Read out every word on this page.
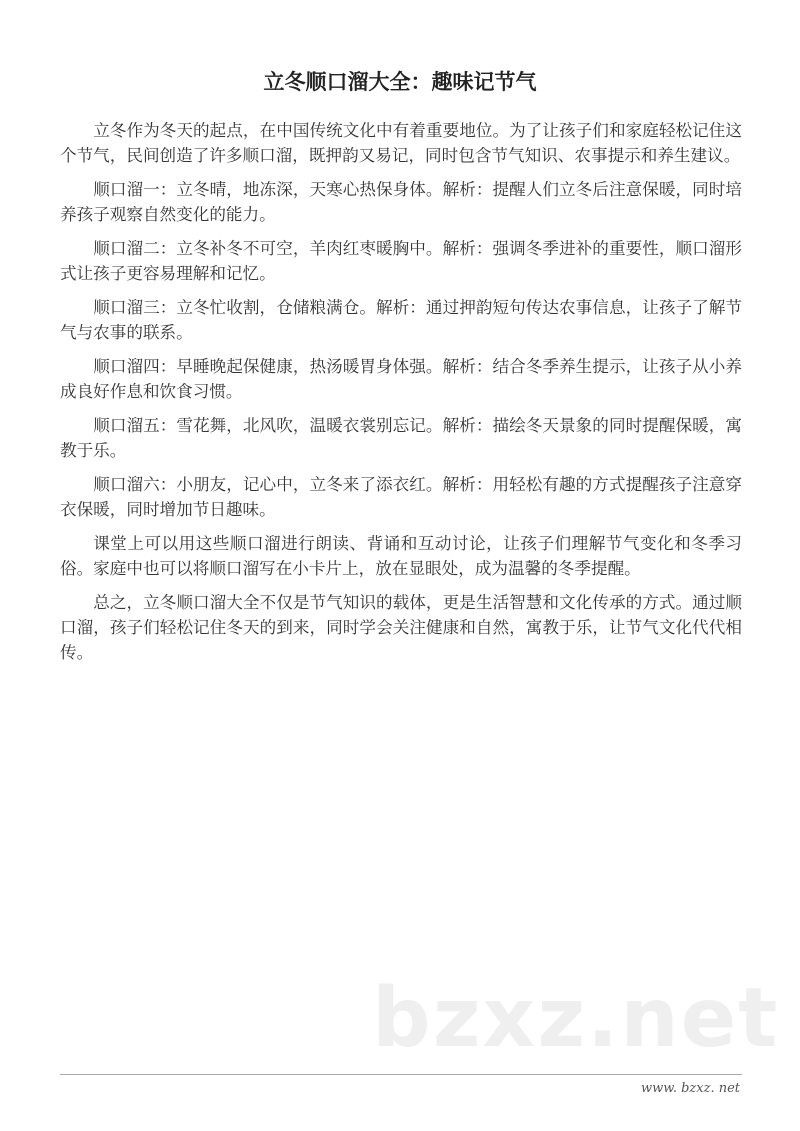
立冬顺口溜大全：趣味记节气

立冬作为冬天的起点，在中国传统文化中有着重要地位。为了让孩子们和家庭轻松记住这个节气，民间创造了许多顺口溜，既押韵又易记，同时包含节气知识、农事提示和养生建议。

顺口溜一：立冬晴，地冻深，天寒心热保身体。解析：提醒人们立冬后注意保暖，同时培养孩子观察自然变化的能力。

顺口溜二：立冬补冬不可空，羊肉红枣暖胸中。解析：强调冬季进补的重要性，顺口溜形式让孩子更容易理解和记忆。

顺口溜三：立冬忙收割，仓储粮满仓。解析：通过押韵短句传达农事信息，让孩子了解节气与农事的联系。

顺口溜四：早睡晚起保健康，热汤暖胃身体强。解析：结合冬季养生提示，让孩子从小养成良好作息和饮食习惯。

顺口溜五：雪花舞，北风吹，温暖衣裳别忘记。解析：描绘冬天景象的同时提醒保暖，寓教于乐。

顺口溜六：小朋友，记心中，立冬来了添衣红。解析：用轻松有趣的方式提醒孩子注意穿衣保暖，同时增加节日趣味。

课堂上可以用这些顺口溜进行朗读、背诵和互动讨论，让孩子们理解节气变化和冬季习俗。家庭中也可以将顺口溜写在小卡片上，放在显眼处，成为温馨的冬季提醒。

总之，立冬顺口溜大全不仅是节气知识的载体，更是生活智慧和文化传承的方式。通过顺口溜，孩子们轻松记住冬天的到来，同时学会关注健康和自然，寓教于乐，让节气文化代代相传。

bzxz.net
www. bzxz. net
